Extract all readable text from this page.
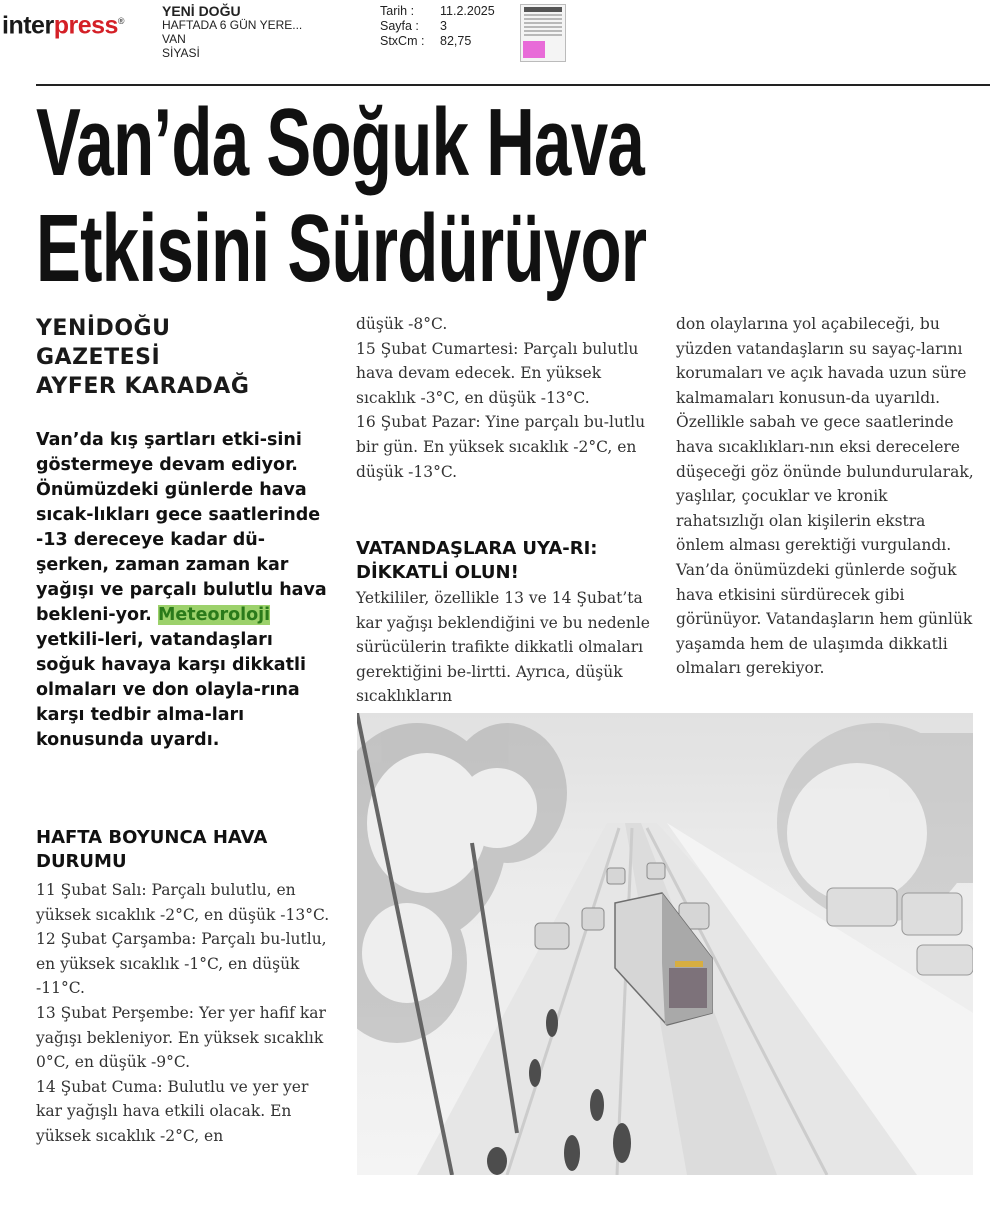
interpress®
YENİ DOĞU
HAFTADA 6 GÜN YERE...
VAN
SİYASİ
Tarih :	11.2.2025
Sayfa :	3
StxCm :	82,75
Van’da Soğuk Hava
Etkisini Sürdürüyor
YENİDOĞU
GAZETESİ
AYFER KARADAĞ
Van’da kış şartları etki-sini göstermeye devam ediyor. Önümüzdeki günlerde hava sıcak-lıkları gece saatlerinde -13 dereceye kadar dü-şerken, zaman zaman kar yağışı ve parçalı bulutlu hava bekleni-yor. Meteoroloji yetkili-leri, vatandaşları soğuk havaya karşı dikkatli olmaları ve don olayla-rına karşı tedbir alma-ları konusunda uyardı.
HAFTA BOYUNCA HAVA DURUMU

11 Şubat Salı: Parçalı bulutlu, en yüksek sıcaklık -2°C, en düşük -13°C.

12 Şubat Çarşamba: Parçalı bu-lutlu, en yüksek sıcaklık -1°C, en düşük -11°C.

13 Şubat Perşembe: Yer yer hafif kar yağışı bekleniyor. En yüksek sıcaklık 0°C, en düşük -9°C.

14 Şubat Cuma: Bulutlu ve yer yer kar yağışlı hava etkili olacak. En yüksek sıcaklık -2°C, en

düşük -8°C.

15 Şubat Cumartesi: Parçalı bulutlu hava devam edecek. En yüksek sıcaklık -3°C, en düşük -13°C.

16 Şubat Pazar: Yine parçalı bu-lutlu bir gün. En yüksek sıcaklık -2°C, en düşük -13°C.

VATANDAŞLARA UYA-RI: DİKKATLİ OLUN!

Yetkililer, özellikle 13 ve 14 Şubat’ta kar yağışı beklendiğini ve bu nedenle sürücülerin trafikte dikkatli olmaları gerektiğini be-lirtti. Ayrıca, düşük sıcaklıkların

don olaylarına yol açabileceği, bu yüzden vatandaşların su sayaç-larını korumaları ve açık havada uzun süre kalmamaları konusun-da uyarıldı. Özellikle sabah ve gece saatlerinde hava sıcaklıkları-nın eksi derecelere düşeceği göz önünde bulundurularak, yaşlılar, çocuklar ve kronik rahatsızlığı olan kişilerin ekstra önlem alması gerektiği vurgulandı. Van’da önümüzdeki günlerde soğuk hava etkisini sürdürecek gibi görünüyor. Vatandaşların hem günlük yaşamda hem de ulaşımda dikkatli olmaları gerekiyor.
